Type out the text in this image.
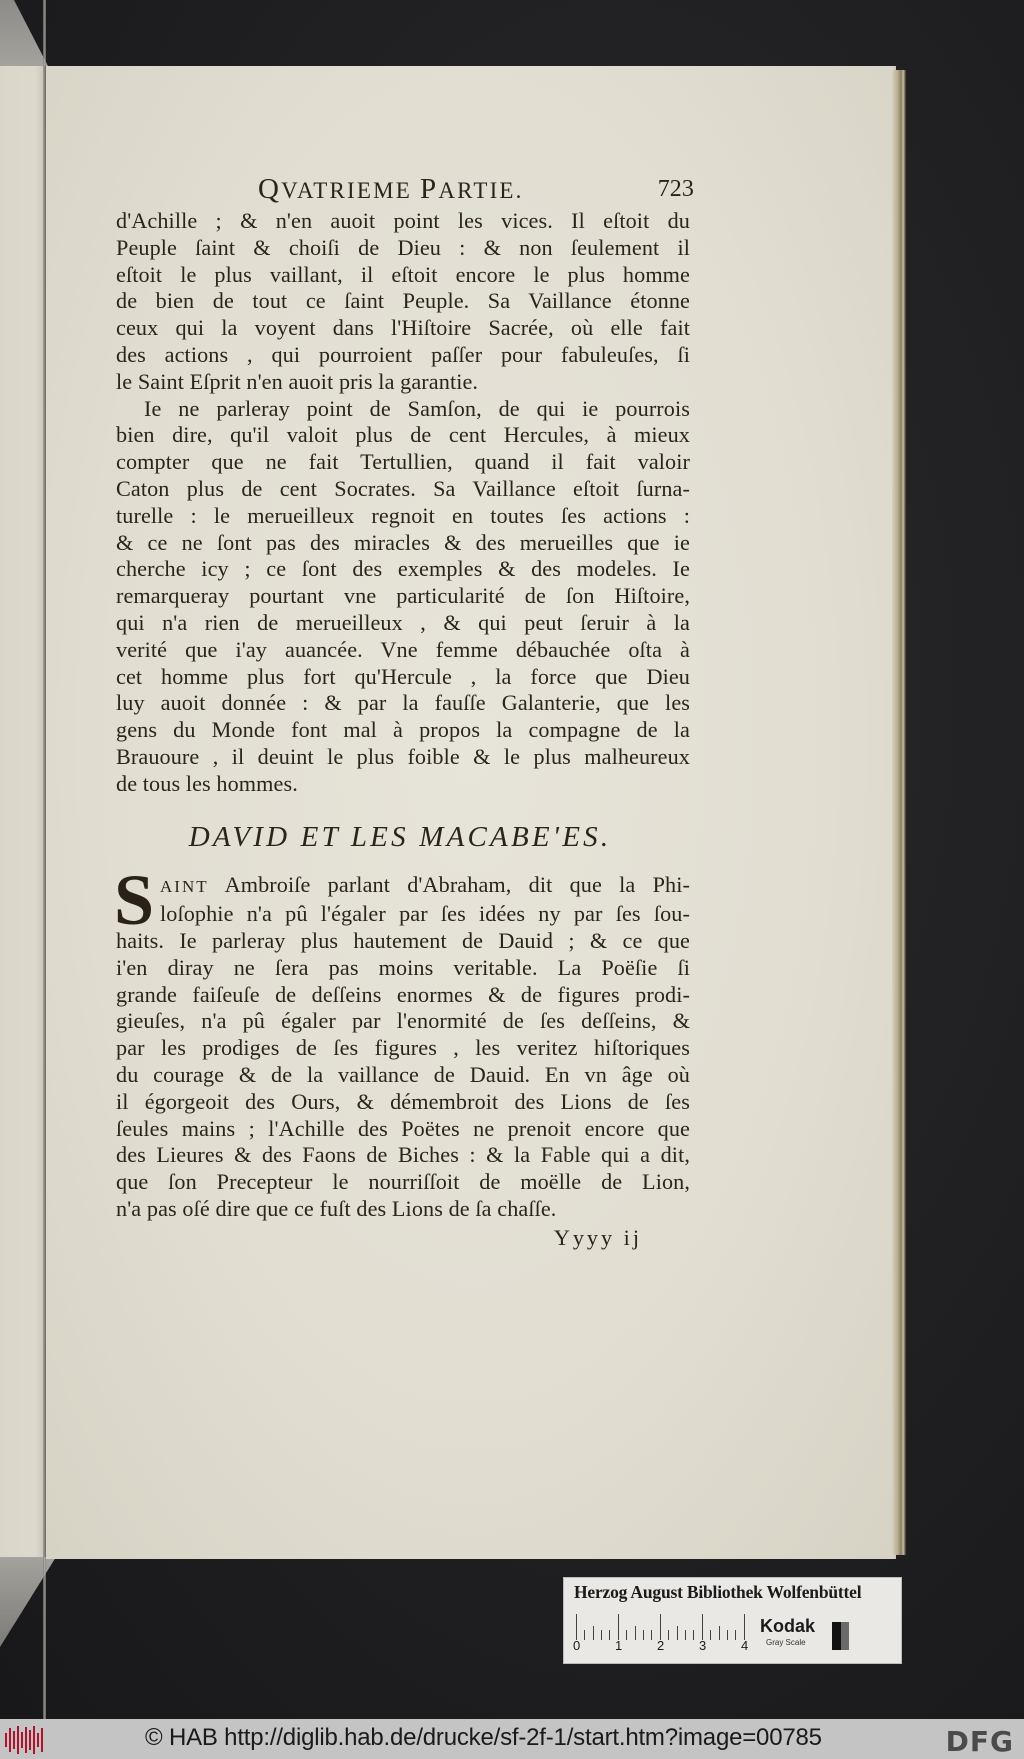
QVATRIEME PARTIE.	723
d'Achille ; & n'en auoit point les vices. Il eſtoit du
Peuple ſaint & choiſi de Dieu : & non ſeulement il
eſtoit le plus vaillant, il eſtoit encore le plus homme
de bien de tout ce ſaint Peuple. Sa Vaillance étonne
ceux qui la voyent dans l'Hiſtoire Sacrée, où elle fait
des actions , qui pourroient paſſer pour fabuleuſes, ſi
le Saint Eſprit n'en auoit pris la garantie.
Ie ne parleray point de Samſon, de qui ie pourrois
bien dire, qu'il valoit plus de cent Hercules, à mieux
compter que ne fait Tertullien, quand il fait valoir
Caton plus de cent Socrates. Sa Vaillance eſtoit ſurna-
turelle : le merueilleux regnoit en toutes ſes actions :
& ce ne ſont pas des miracles & des merueilles que ie
cherche icy ; ce ſont des exemples & des modeles. Ie
remarqueray pourtant vne particularité de ſon Hiſtoire,
qui n'a rien de merueilleux , & qui peut ſeruir à la
verité que i'ay auancée. Vne femme débauchée oſta à
cet homme plus fort qu'Hercule , la force que Dieu
luy auoit donnée : & par la fauſſe Galanterie, que les
gens du Monde font mal à propos la compagne de la
Brauoure , il deuint le plus foible & le plus malheureux
de tous les hommes.
DAVID ET LES MACABE'ES.
S AINT Ambroiſe parlant d'Abraham, dit que la Phi-
loſophie n'a pû l'égaler par ſes idées ny par ſes ſou-
haits. Ie parleray plus hautement de Dauid ; & ce que
i'en diray ne ſera pas moins veritable. La Poëſie ſi
grande faiſeuſe de deſſeins enormes & de figures prodi-
gieuſes, n'a pû égaler par l'enormité de ſes deſſeins, &
par les prodiges de ſes figures , les veritez hiſtoriques
du courage & de la vaillance de Dauid. En vn âge où
il égorgeoit des Ours, & démembroit des Lions de ſes
ſeules mains ; l'Achille des Poëtes ne prenoit encore que
des Lieures & des Faons de Biches : & la Fable qui a dit,
que ſon Precepteur le nourriſſoit de moëlle de Lion,
n'a pas oſé dire que ce fuſt des Lions de ſa chaſſe.
Yyyy ij
Herzog August Bibliothek Wolfenbüttel
0	1	2	3	4
Kodak
Gray Scale
© HAB http://diglib.hab.de/drucke/sf-2f-1/start.htm?image=00785	DFG
